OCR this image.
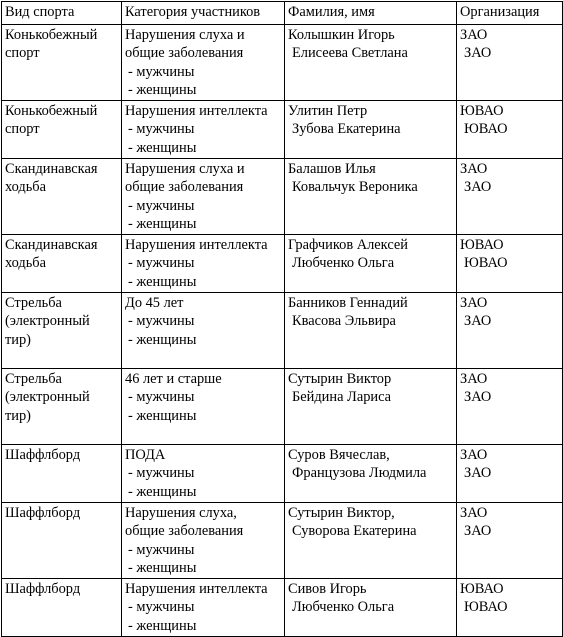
Вид спорта	Категория участников	Фамилия, имя	Организация

Конькобежный
спорт	Нарушения слуха и
общие заболевания
- мужчины
- женщины	Колышкин Игорь
Елисеева Светлана	ЗАО
ЗАО

Конькобежный
спорт	Нарушения интеллекта
- мужчины
- женщины	Улитин Петр
Зубова Екатерина	ЮВАО
ЮВАО

Скандинавская
ходьба	Нарушения слуха и
общие заболевания
- мужчины
- женщины	Балашов Илья
Ковальчук Вероника	ЗАО
ЗАО

Скандинавская
ходьба	Нарушения интеллекта
- мужчины
- женщины	Графчиков Алексей
Любченко Ольга	ЮВАО
ЮВАО

Стрельба
(электронный
тир)	До 45 лет
- мужчины
- женщины	Банников Геннадий
Квасова Эльвира	ЗАО
ЗАО

Стрельба
(электронный
тир)	46 лет и старше
- мужчины
- женщины	Сутырин Виктор
Бейдина Лариса	ЗАО
ЗАО

Шаффлборд	ПОДА
- мужчины
- женщины	Суров Вячеслав,
Французова Людмила	ЗАО
ЗАО

Шаффлборд	Нарушения слуха,
общие заболевания
- мужчины
- женщины	Сутырин Виктор,
Суворова Екатерина	ЗАО
ЗАО

Шаффлборд	Нарушения интеллекта
- мужчины
- женщины	Сивов Игорь
Любченко Ольга	ЮВАО
ЮВАО
